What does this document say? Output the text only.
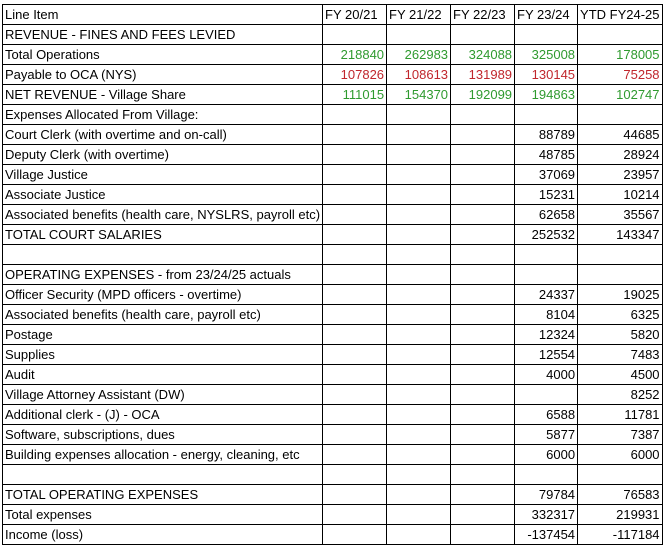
Line Item	FY 20/21	FY 21/22	FY 22/23	FY 23/24	YTD FY24-25
REVENUE - FINES AND FEES LEVIED					
Total Operations	218840	262983	324088	325008	178005
Payable to OCA (NYS)	107826	108613	131989	130145	75258
NET REVENUE - Village Share	111015	154370	192099	194863	102747
Expenses Allocated From Village:					
Court Clerk (with overtime and on-call)				88789	44685
Deputy Clerk (with overtime)				48785	28924
Village Justice				37069	23957
Associate Justice				15231	10214
Associated benefits (health care, NYSLRS, payroll etc)				62658	35567
TOTAL COURT SALARIES				252532	143347

OPERATING EXPENSES - from 23/24/25 actuals					
Officer Security (MPD officers - overtime)				24337	19025
Associated benefits (health care, payroll etc)				8104	6325
Postage				12324	5820
Supplies				12554	7483
Audit				4000	4500
Village Attorney Assistant (DW)					8252
Additional clerk - (J) - OCA				6588	11781
Software, subscriptions, dues				5877	7387
Building expenses allocation - energy, cleaning, etc				6000	6000

TOTAL OPERATING EXPENSES				79784	76583
Total expenses				332317	219931
Income (loss)				-137454	-117184
